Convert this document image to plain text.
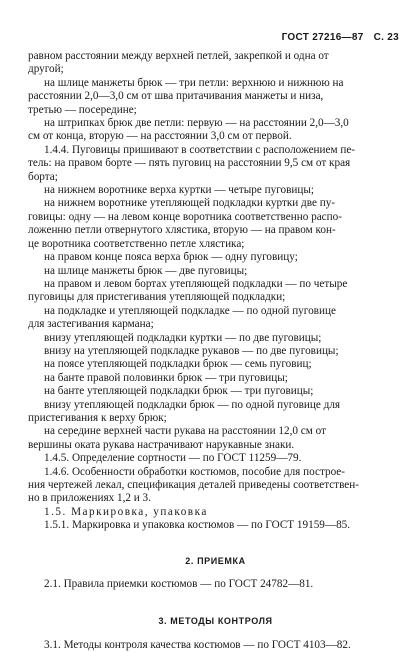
ГОСТ 27216—87 С. 23
равном расстоянии между верхней петлей, закрепкой и одна от
другой;
на шлице манжеты брюк — три петли: верхнюю и нижнюю на
расстоянии 2,0—3,0 см от шва притачивания манжеты и низа,
третью — посередине;
на штрипках брюк две петли: первую — на расстоянии 2,0—3,0
см от конца, вторую — на расстоянии 3,0 см от первой.
1.4.4. Пуговицы пришивают в соответствии с расположением пе-
тель: на правом борте — пять пуговиц на расстоянии 9,5 см от края
борта;
на нижнем воротнике верха куртки — четыре пуговицы;
на нижнем воротнике утепляющей подкладки куртки две пу-
говицы: одну — на левом конце воротника соответственно распо-
ложенню петли отвернутого хлястика, вторую — на правом кон-
це воротника соответственно петле хлястика;
на правом конце пояса верха брюк — одну пуговицу;
на шлице манжеты брюк — две пуговицы;
на правом и левом бортах утепляющей подкладки — по четыре
пуговицы для пристегивания утепляющей подкладки;
на подкладке и утепляющей подкладке — по одной пуговице
для застегивания кармана;
внизу утепляющей подкладки куртки — по две пуговицы;
внизу на утепляющей подкладке рукавов — по две пуговицы;
на поясе утепляющей подкладки брюк — семь пуговиц;
на банте правой половинки брюк — три пуговицы;
на банте утепляющей подкладки брюк — три пуговицы;
внизу утепляющей подкладки брюк — по одной пуговице для
пристегивания к верху брюк;
на середине верхней части рукава на расстоянии 12,0 см от
вершины оката рукава настрачивают нарукавные знаки.
1.4.5. Определение сортности — по ГОСТ 11259—79.
1.4.6. Особенности обработки костюмов, пособие для построе-
ния чертежей лекал, спецификация деталей приведены соответствен-
но в приложениях 1,2 и 3.
1.5. Маркировка, упаковка
1.5.1. Маркировка и упаковка костюмов — по ГОСТ 19159—85.
2. ПРИЕМКА
2.1. Правила приемки костюмов — по ГОСТ 24782—81.
3. МЕТОДЫ КОНТРОЛЯ
3.1. Методы контроля качества костюмов — по ГОСТ 4103—82.
